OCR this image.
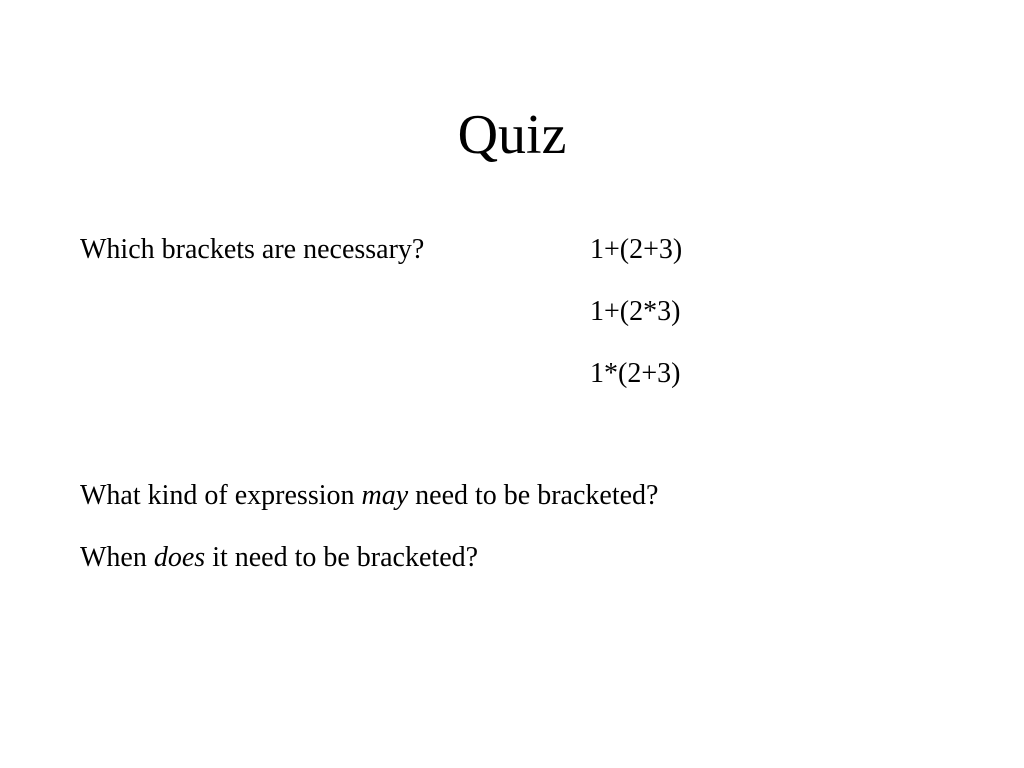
Quiz
Which brackets are necessary?	1+(2+3)
1+(2*3)
1*(2+3)
What kind of expression may need to be bracketed?
When does it need to be bracketed?
